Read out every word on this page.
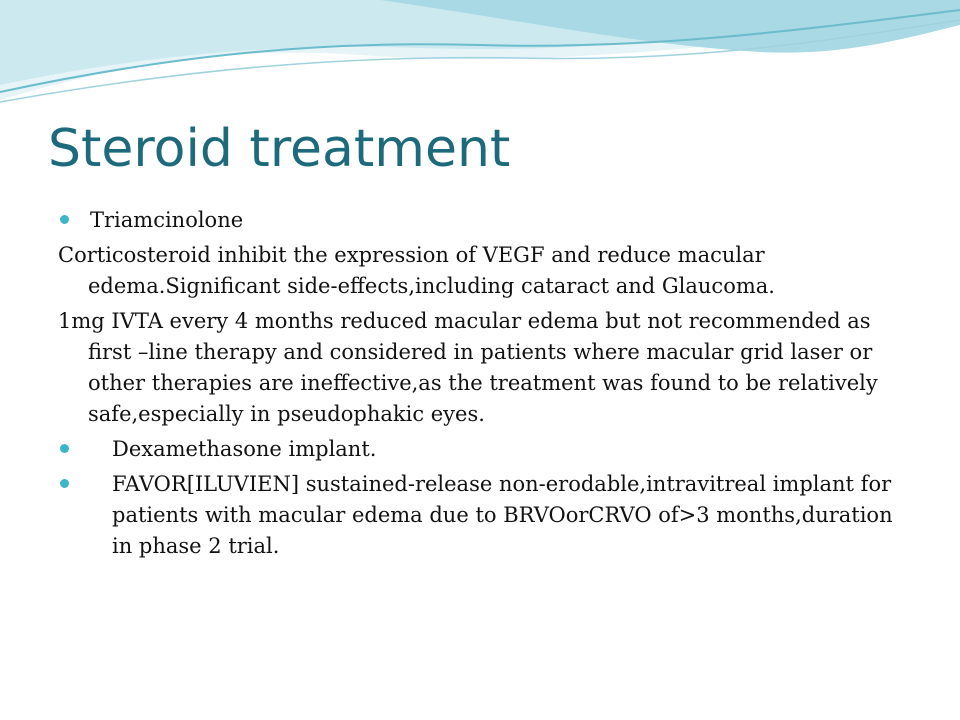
Steroid treatment

Triamcinolone

Corticosteroid inhibit the expression of VEGF and reduce macular edema.Significant side-effects,including cataract and Glaucoma.

1mg IVTA every 4 months reduced macular edema but not recommended as first –line therapy and considered in patients where macular grid laser or other therapies are ineffective,as the treatment was found to be relatively safe,especially in pseudophakic eyes.

Dexamethasone implant.

FAVOR[ILUVIEN] sustained-release non-erodable,intravitreal implant for patients with macular edema due to BRVOorCRVO of>3 months,duration in phase 2 trial.
